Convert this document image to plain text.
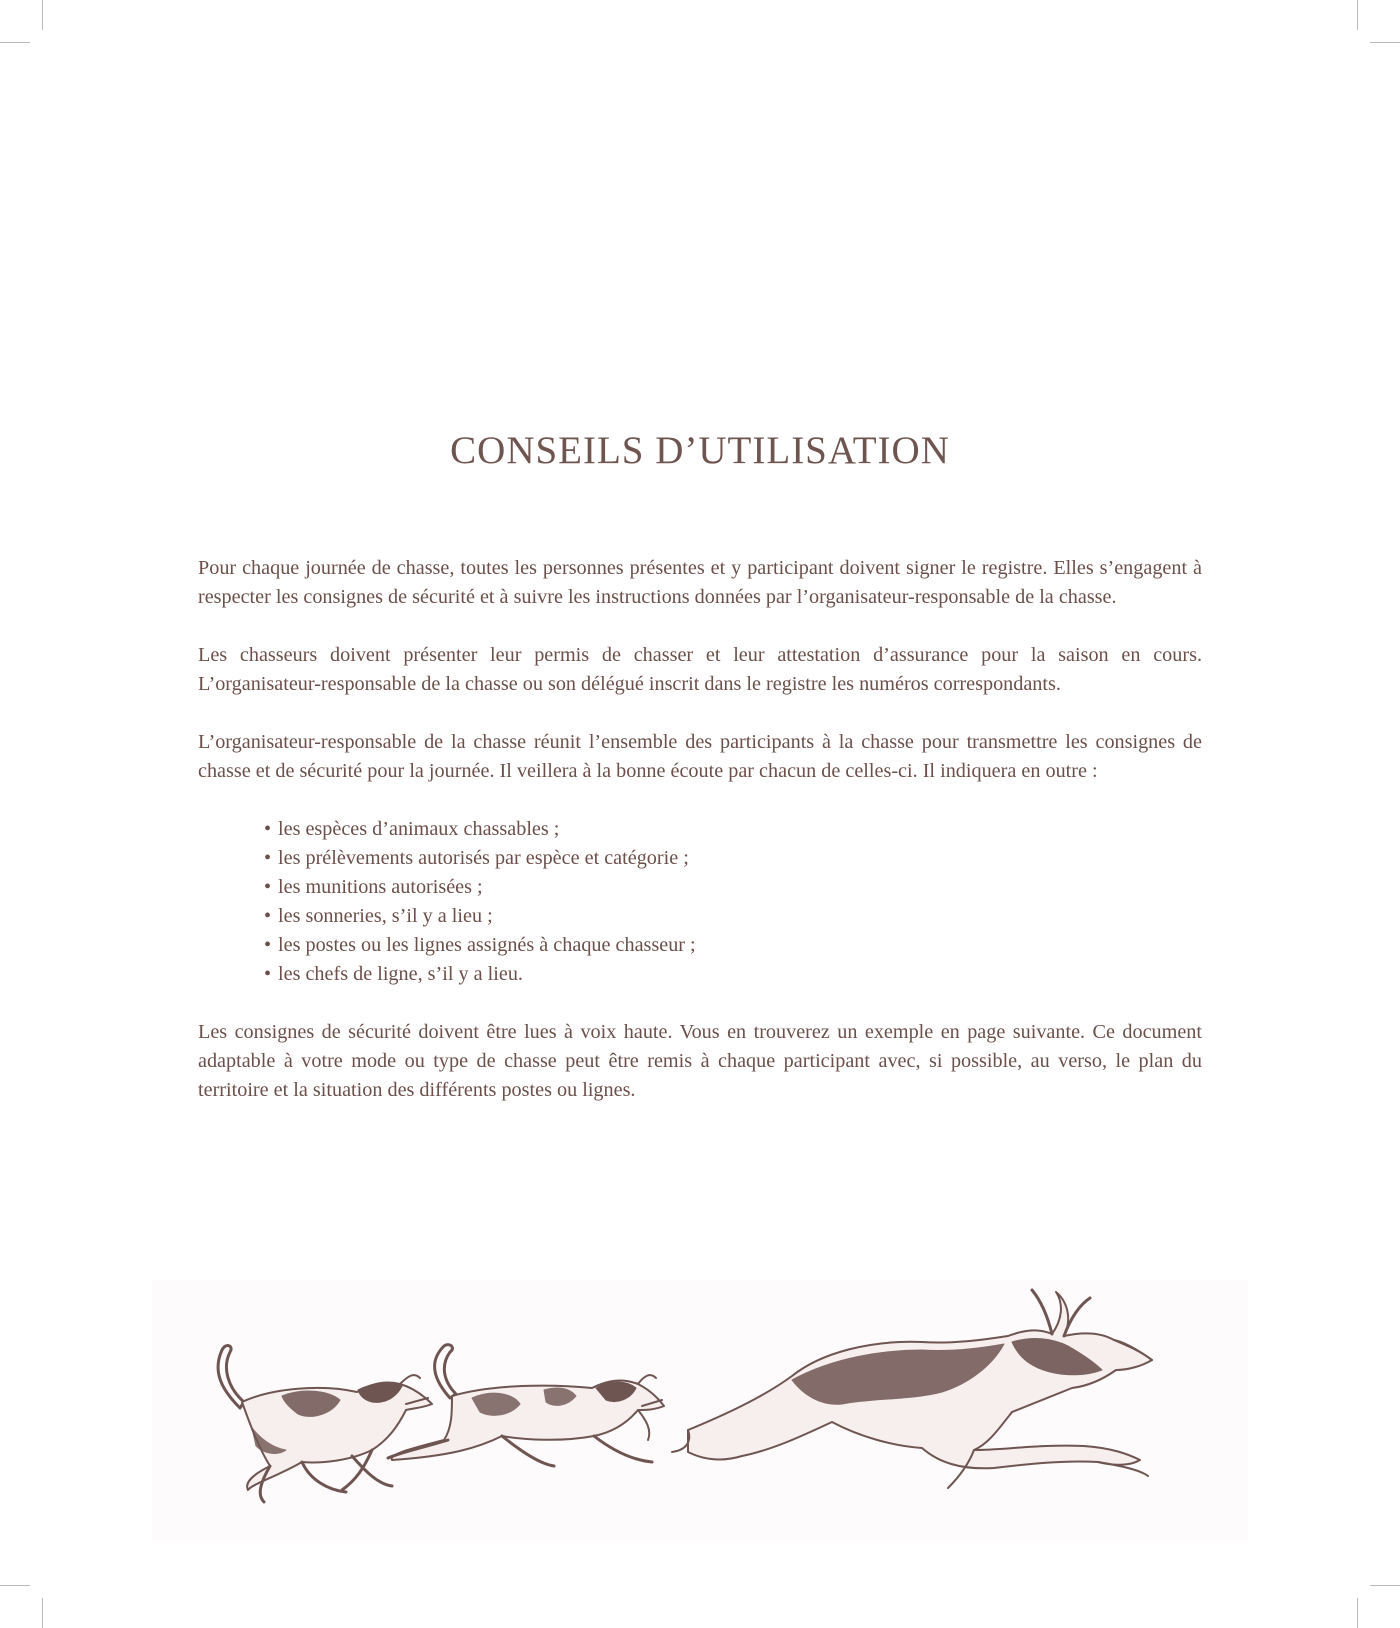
CONSEILS D’UTILISATION

Pour chaque journée de chasse, toutes les personnes présentes et y participant doivent signer le registre. Elles s’engagent à respecter les consignes de sécurité et à suivre les instructions données par l’organisateur-responsable de la chasse.

Les chasseurs doivent présenter leur permis de chasser et leur attestation d’assurance pour la saison en cours. L’organisateur-responsable de la chasse ou son délégué inscrit dans le registre les numéros correspondants.

L’organisateur-responsable de la chasse réunit l’ensemble des participants à la chasse pour transmettre les consignes de chasse et de sécurité pour la journée. Il veillera à la bonne écoute par chacun de celles-ci. Il indiquera en outre :

• les espèces d’animaux chassables ;
• les prélèvements autorisés par espèce et catégorie ;
• les munitions autorisées ;
• les sonneries, s’il y a lieu ;
• les postes ou les lignes assignés à chaque chasseur ;
• les chefs de ligne, s’il y a lieu.

Les consignes de sécurité doivent être lues à voix haute. Vous en trouverez un exemple en page suivante. Ce document adaptable à votre mode ou type de chasse peut être remis à chaque participant avec, si possible, au verso, le plan du territoire et la situation des différents postes ou lignes.
